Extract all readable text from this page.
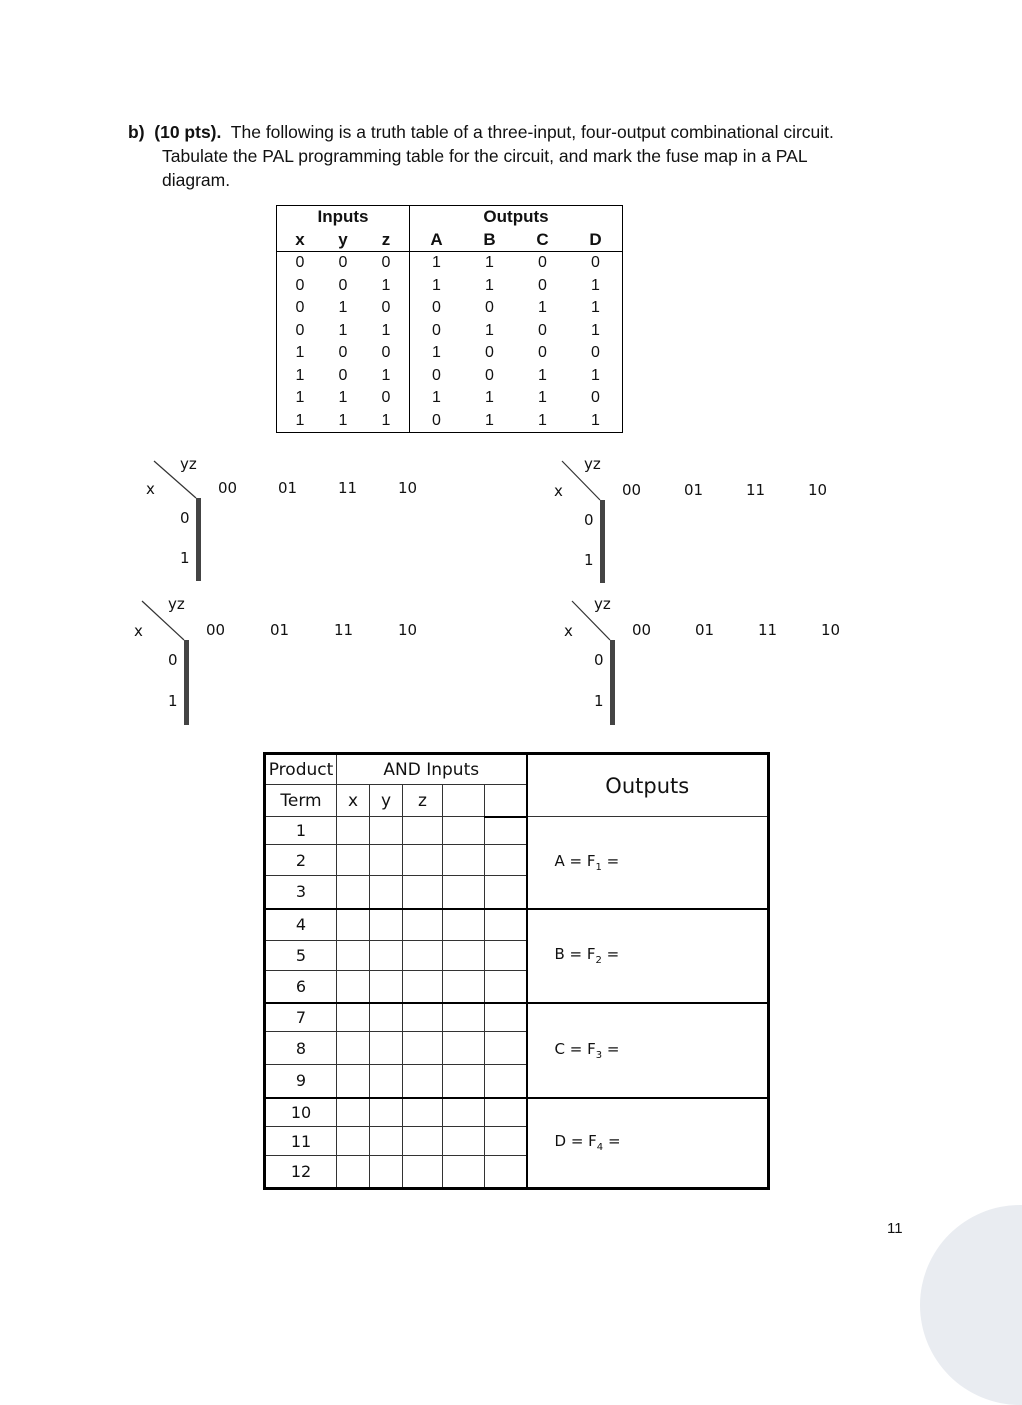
b) (10 pts). The following is a truth table of a three-input, four-output combinational circuit.
Tabulate the PAL programming table for the circuit, and mark the fuse map in a PAL
diagram.
Inputs			Outputs			
x	y	z	A	B	C	D
0	0	0	1	1	0	0
0	0	1	1	1	0	1
0	1	0	0	0	1	1
0	1	1	0	1	0	1
1	0	0	1	0	0	0
1	0	1	0	0	1	1
1	1	0	1	1	1	0
1	1	1	0	1	1	1
yz
x	00	01	11	10
0
1

yz
x	00	01	11	10
0
1

yz
x	00	01	11	10
0
1

yz
x	00	01	11	10
0
1

Product	AND Inputs					Outputs
Term	x	y	z			
1						$A = F_1$ =
2						
3						
4						$B = F_2$ =
5						
6						
7						$C = F_3$ =
8						
9						
10						$D = F_4$ =
11						
12						
11
